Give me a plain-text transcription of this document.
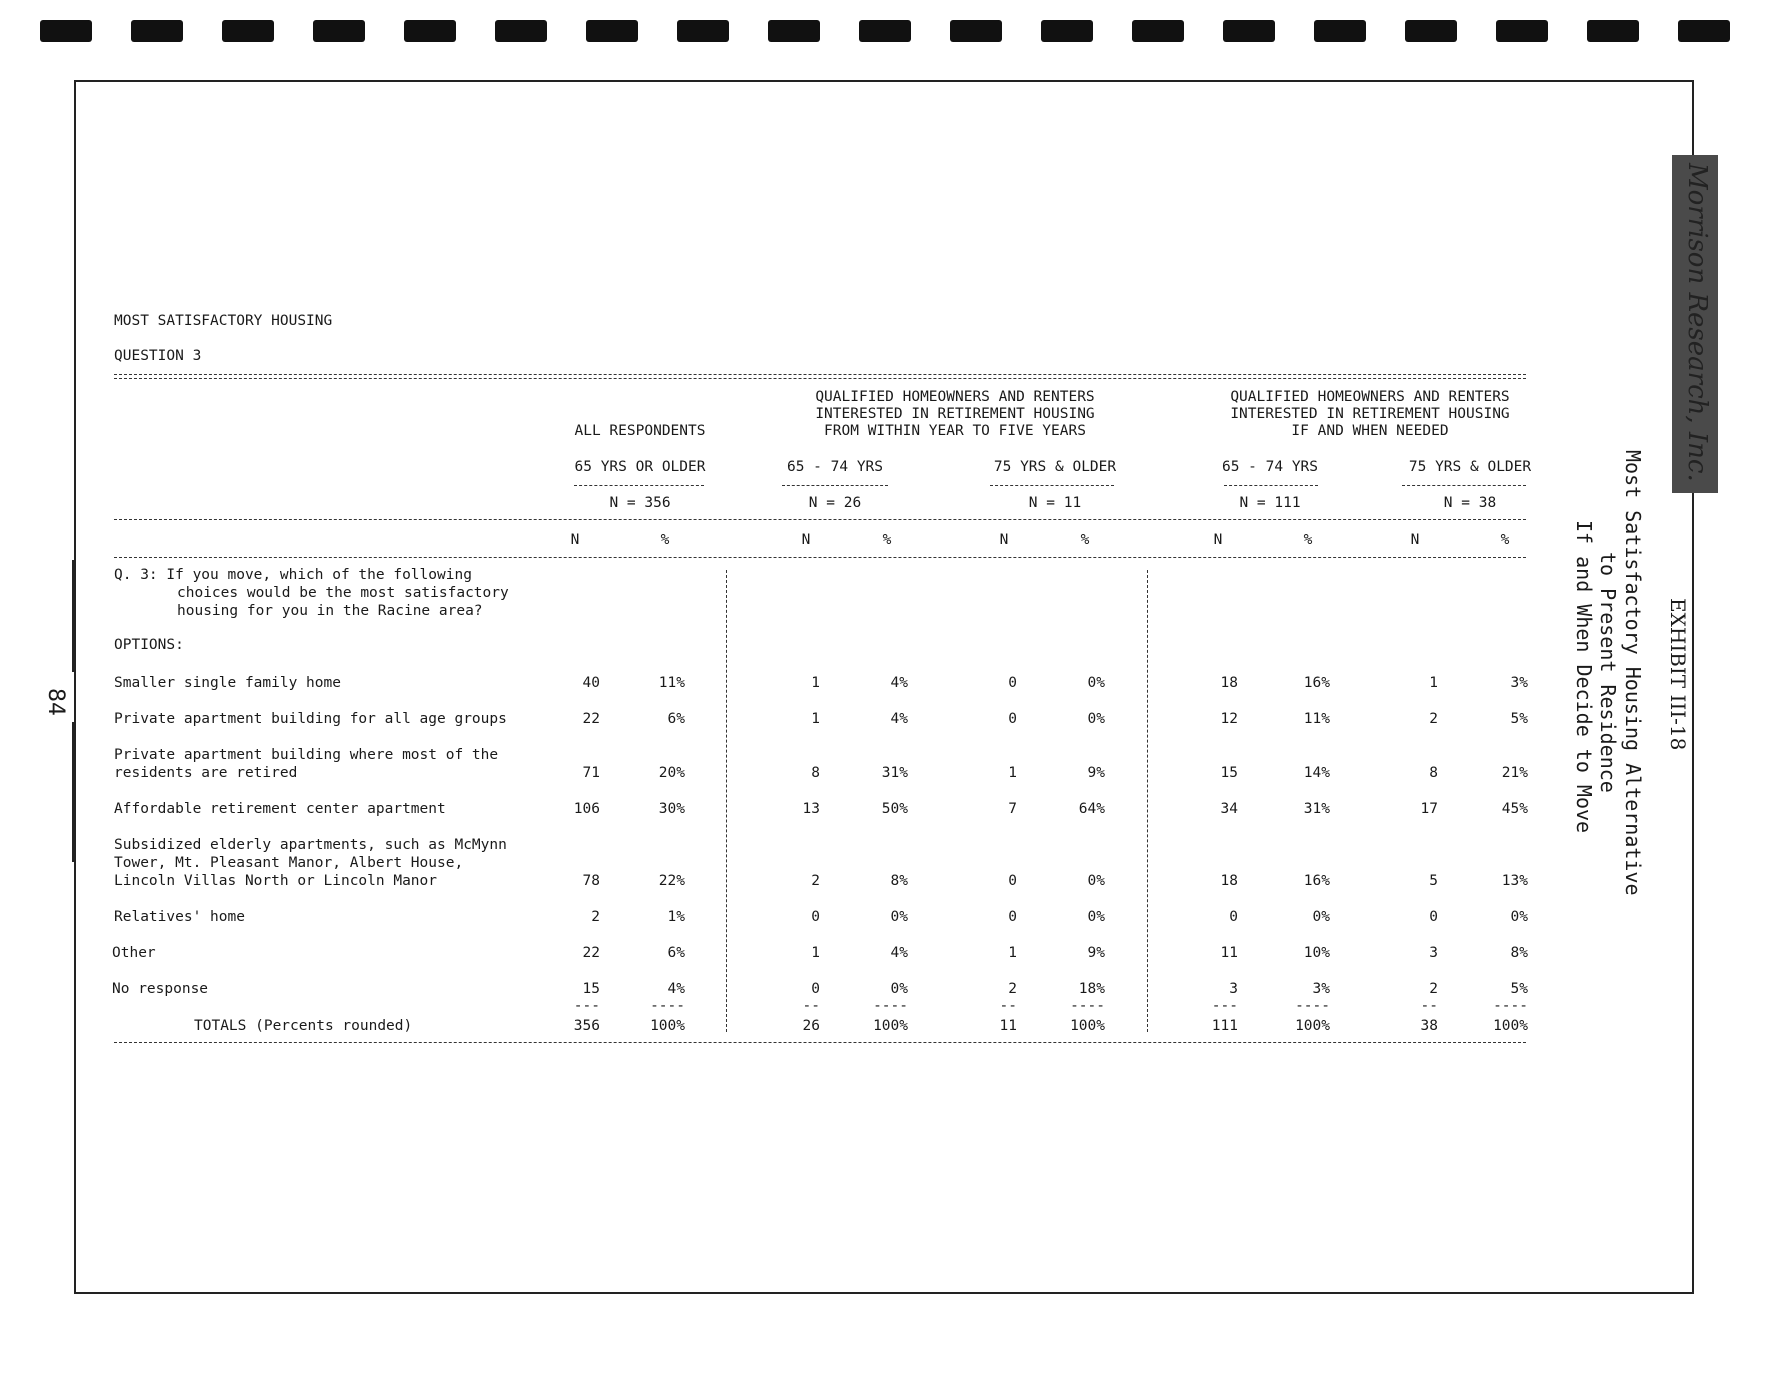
84
Morrison Research, Inc.
EXHIBIT III-18
Most Satisfactory Housing Alternative
to Present Residence
If and When Decide to Move
MOST SATISFACTORY HOUSING
QUESTION 3
ALL RESPONDENTS
QUALIFIED HOMEOWNERS AND RENTERS
INTERESTED IN RETIREMENT HOUSING
FROM WITHIN YEAR TO FIVE YEARS
QUALIFIED HOMEOWNERS AND RENTERS
INTERESTED IN RETIREMENT HOUSING
IF AND WHEN NEEDED
65 YRS OR OLDER	65 - 74 YRS	75 YRS & OLDER	65 - 74 YRS	75 YRS & OLDER
N = 356	N = 26	N = 11	N = 111	N = 38
N	%	N	%	N	%	N	%	N	%
Q. 3: If you move, which of the following
choices would be the most satisfactory
housing for you in the Racine area?
OPTIONS:
Smaller single family home	40	11%	1	4%	0	0%	18	16%	1	3%
Private apartment building for all age groups	22	6%	1	4%	0	0%	12	11%	2	5%
Private apartment building where most of the
residents are retired	71	20%	8	31%	1	9%	15	14%	8	21%
Affordable retirement center apartment	106	30%	13	50%	7	64%	34	31%	17	45%
Subsidized elderly apartments, such as McMynn
Tower, Mt. Pleasant Manor, Albert House,
Lincoln Villas North or Lincoln Manor	78	22%	2	8%	0	0%	18	16%	5	13%
Relatives' home	2	1%	0	0%	0	0%	0	0%	0	0%
Other	22	6%	1	4%	1	9%	11	10%	3	8%
No response	15	4%	0	0%	2	18%	3	3%	2	5%
---	----	--	----	--	----	---	----	--	----
TOTALS (Percents rounded)	356	100%	26	100%	11	100%	111	100%	38	100%
